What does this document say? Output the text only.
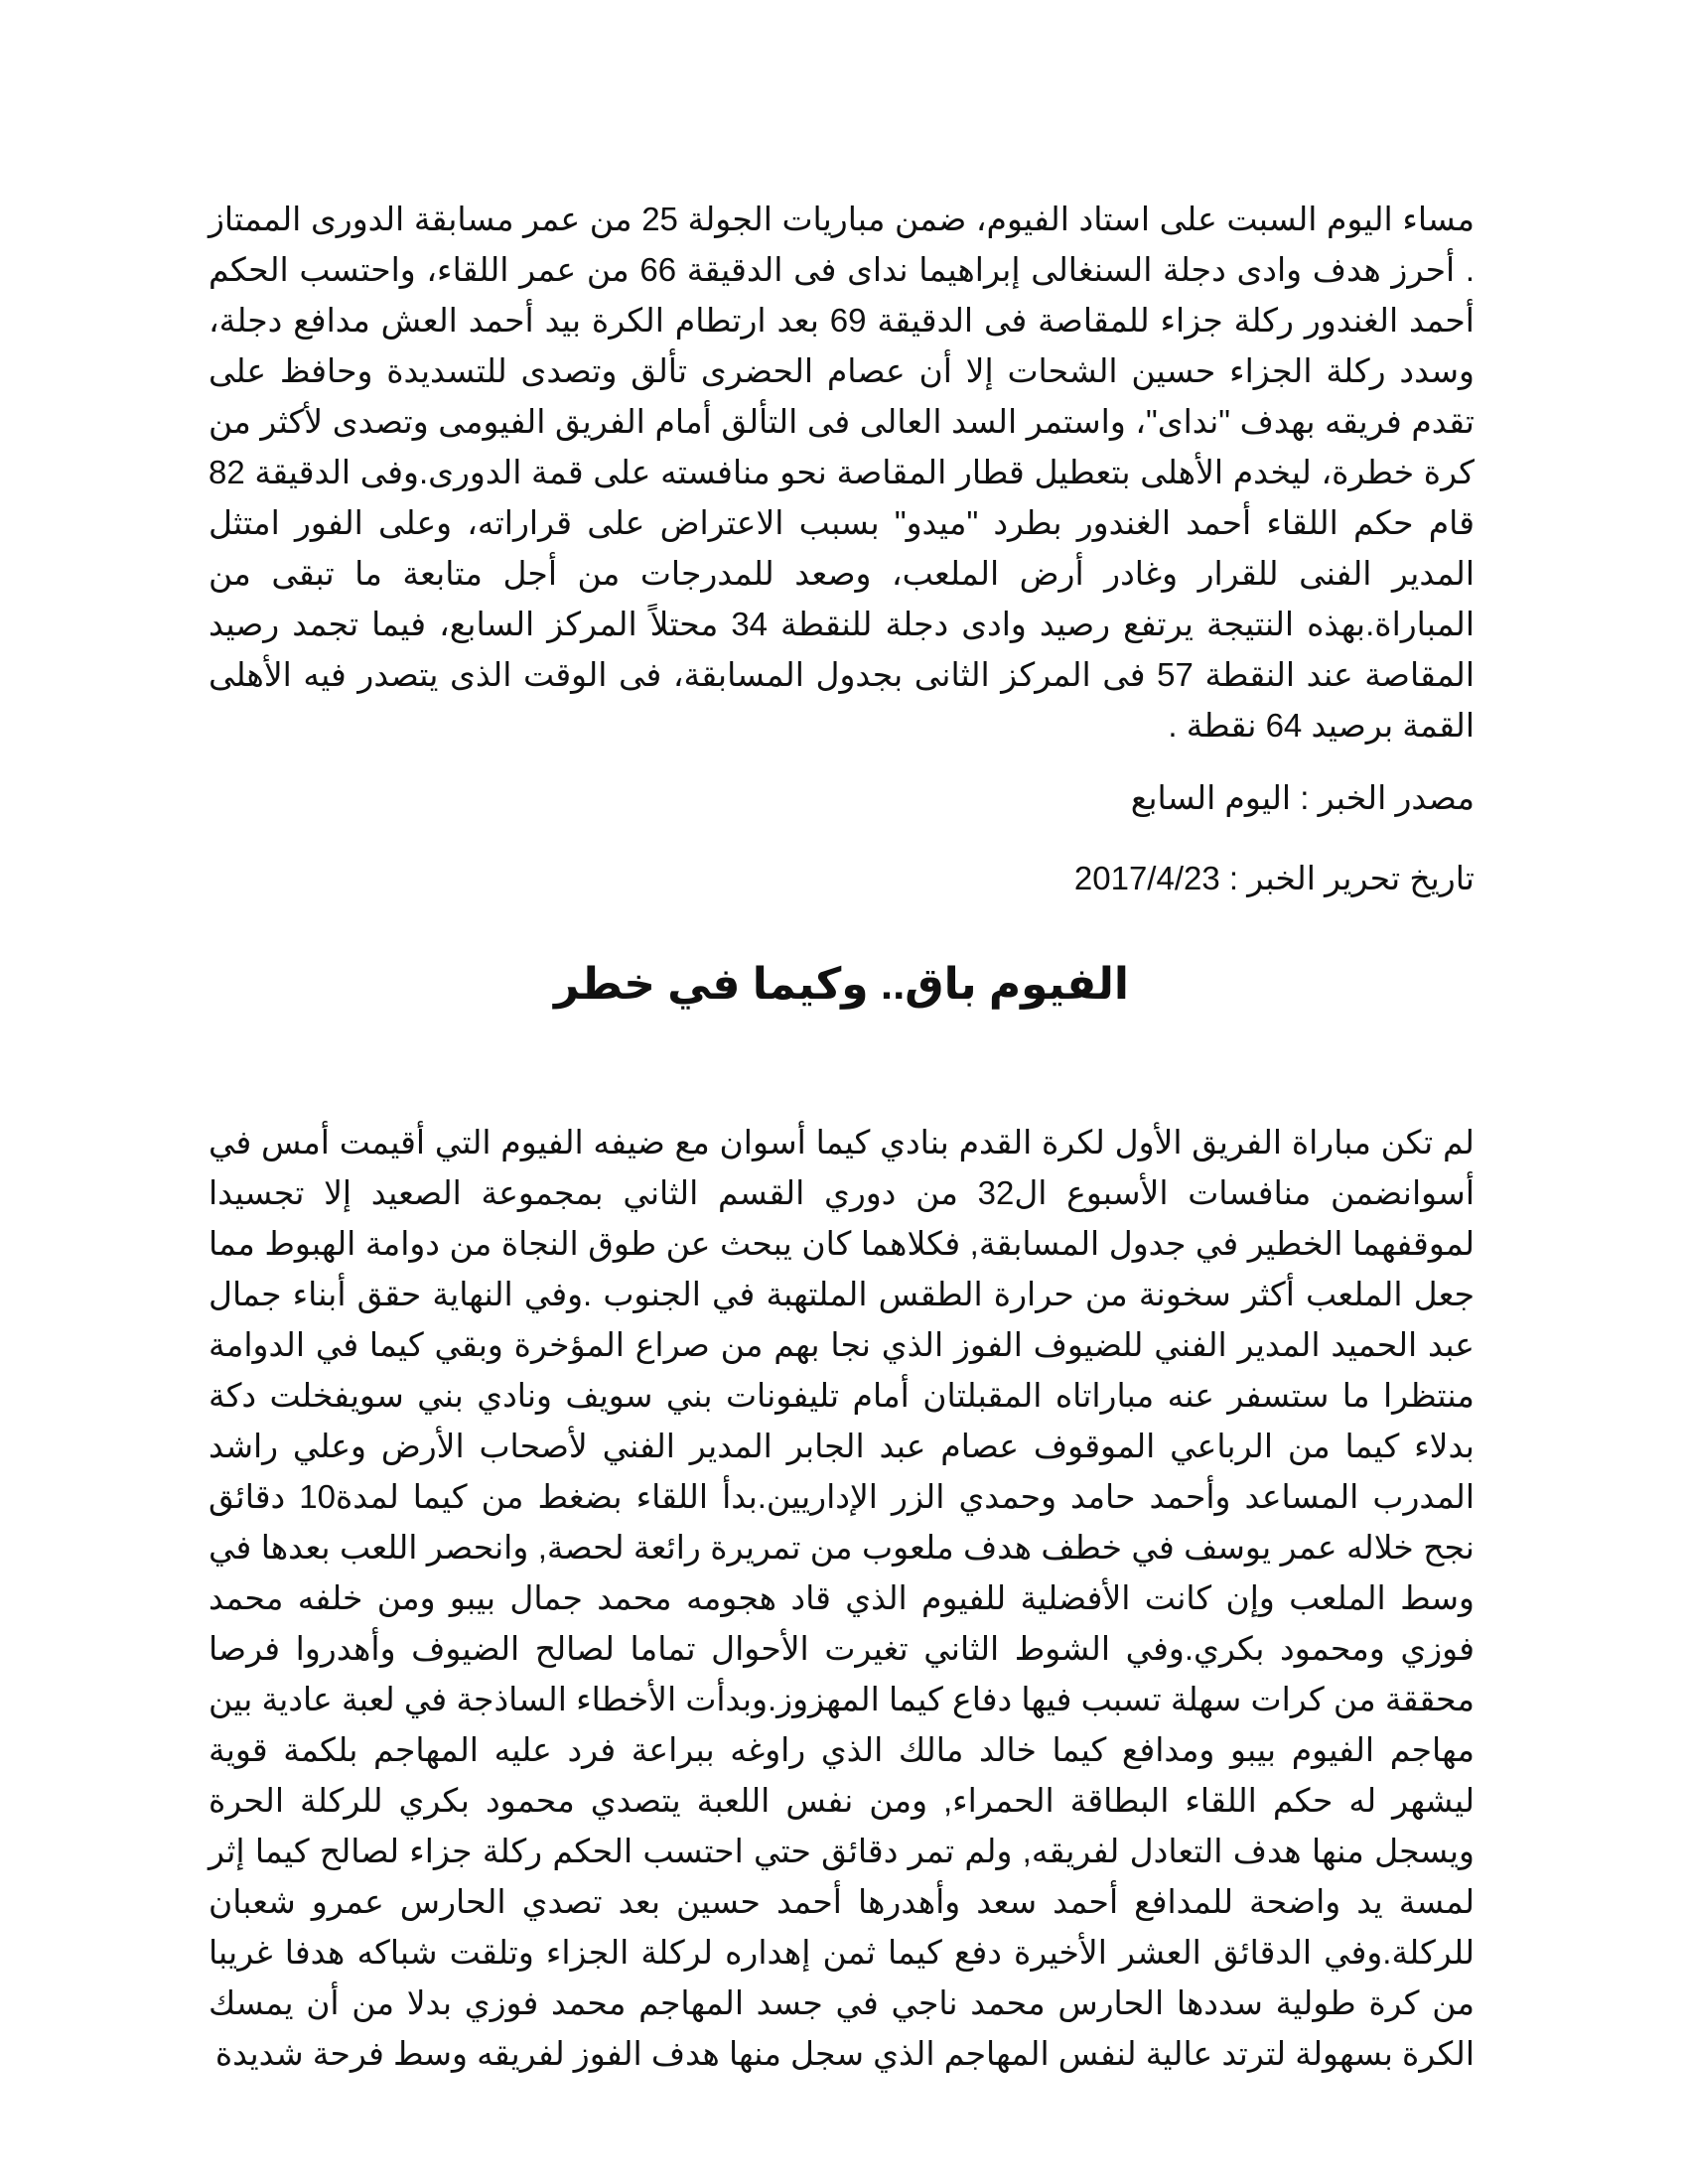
مساء اليوم السبت على استاد الفيوم، ضمن مباريات الجولة 25 من عمر مسابقة الدورى الممتاز . أحرز هدف وادى دجلة السنغالى إبراهيما نداى فى الدقيقة 66 من عمر اللقاء، واحتسب الحكم أحمد الغندور ركلة جزاء للمقاصة فى الدقيقة 69 بعد ارتطام الكرة بيد أحمد العش مدافع دجلة، وسدد ركلة الجزاء حسين الشحات إلا أن عصام الحضرى تألق وتصدى للتسديدة وحافظ على تقدم فريقه بهدف "نداى"، واستمر السد العالى فى التألق أمام الفريق الفيومى وتصدى لأكثر من كرة خطرة، ليخدم الأهلى بتعطيل قطار المقاصة نحو منافسته على قمة الدورى.وفى الدقيقة 82 قام حكم اللقاء أحمد الغندور بطرد "ميدو" بسبب الاعتراض على قراراته، وعلى الفور امتثل المدير الفنى للقرار وغادر أرض الملعب، وصعد للمدرجات من أجل متابعة ما تبقى من المباراة.بهذه النتيجة يرتفع رصيد وادى دجلة للنقطة 34 محتلاً المركز السابع، فيما تجمد رصيد المقاصة عند النقطة 57 فى المركز الثانى بجدول المسابقة، فى الوقت الذى يتصدر فيه الأهلى القمة برصيد 64 نقطة .

مصدر الخبر : اليوم السابع

تاريخ تحرير الخبر : 2017/4/23

الفيوم باق.. وكيما في خطر

لم تكن مباراة الفريق الأول لكرة القدم بنادي كيما أسوان مع ضيفه الفيوم التي أقيمت أمس في أسوانضمن منافسات الأسبوع ال32 من دوري القسم الثاني بمجموعة الصعيد إلا تجسيدا لموقفهما الخطير في جدول المسابقة, فكلاهما كان يبحث عن طوق النجاة من دوامة الهبوط مما جعل الملعب أكثر سخونة من حرارة الطقس الملتهبة في الجنوب .وفي النهاية حقق أبناء جمال عبد الحميد المدير الفني للضيوف الفوز الذي نجا بهم من صراع المؤخرة وبقي كيما في الدوامة منتظرا ما ستسفر عنه مباراتاه المقبلتان أمام تليفونات بني سويف ونادي بني سويفخلت دكة بدلاء كيما من الرباعي الموقوف عصام عبد الجابر المدير الفني لأصحاب الأرض وعلي راشد المدرب المساعد وأحمد حامد وحمدي الزر الإداريين.بدأ اللقاء بضغط من كيما لمدة10 دقائق نجح خلاله عمر يوسف في خطف هدف ملعوب من تمريرة رائعة لحصة, وانحصر اللعب بعدها في وسط الملعب وإن كانت الأفضلية للفيوم الذي قاد هجومه محمد جمال بيبو ومن خلفه محمد فوزي ومحمود بكري.وفي الشوط الثاني تغيرت الأحوال تماما لصالح الضيوف وأهدروا فرصا محققة من كرات سهلة تسبب فيها دفاع كيما المهزوز.وبدأت الأخطاء الساذجة في لعبة عادية بين مهاجم الفيوم بيبو ومدافع كيما خالد مالك الذي راوغه ببراعة فرد عليه المهاجم بلكمة قوية ليشهر له حكم اللقاء البطاقة الحمراء, ومن نفس اللعبة يتصدي محمود بكري للركلة الحرة ويسجل منها هدف التعادل لفريقه, ولم تمر دقائق حتي احتسب الحكم ركلة جزاء لصالح كيما إثر لمسة يد واضحة للمدافع أحمد سعد وأهدرها أحمد حسين بعد تصدي الحارس عمرو شعبان للركلة.وفي الدقائق العشر الأخيرة دفع كيما ثمن إهداره لركلة الجزاء وتلقت شباكه هدفا غريبا من كرة طولية سددها الحارس محمد ناجي في جسد المهاجم محمد فوزي بدلا من أن يمسك الكرة بسهولة لترتد عالية لنفس المهاجم الذي سجل منها هدف الفوز لفريقه وسط فرحة شديدة
